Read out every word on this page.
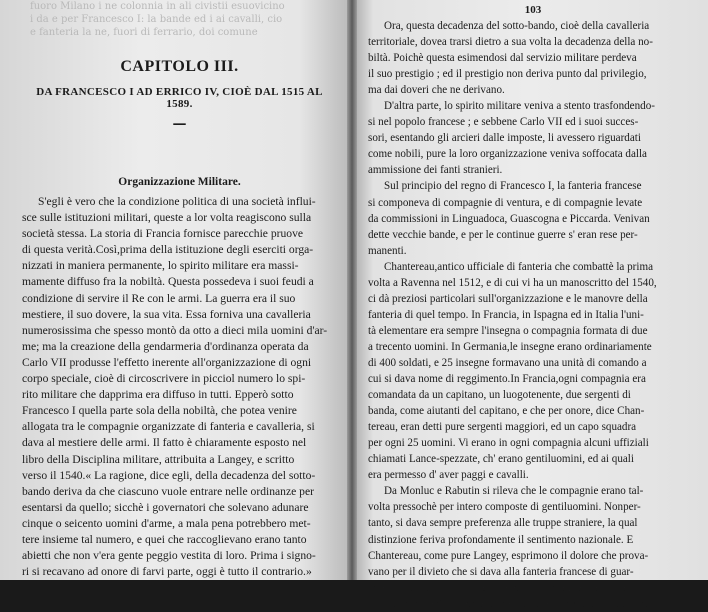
fuoro Milano i ne colonnia in ali civistii esuovicino
i da e per Francesco I: la bande ed i ai cavalli, cio
e fanteria la ne, fuori di ferrario, doi comune
CAPITOLO III.
DA FRANCESCO I AD ERRICO IV, CIOÈ DAL 1515 AL 1589.
—
Organizzazione Militare.
S'egli è vero che la condizione politica di una società influi-
sce sulle istituzioni militari, queste a lor volta reagiscono sulla
società stessa. La storia di Francia fornisce parecchie pruove
di questa verità.Così,prima della istituzione degli eserciti orga-
nizzati in maniera permanente, lo spirito militare era massi-
mamente diffuso fra la nobiltà. Questa possedeva i suoi feudi a
condizione di servire il Re con le armi. La guerra era il suo
mestiere, il suo dovere, la sua vita. Essa forniva una cavalleria
numerosissima che spesso montò da otto a dieci mila uomini d'ar-
me; ma la creazione della gendarmeria d'ordinanza operata da
Carlo VII produsse l'effetto inerente all'organizzazione di ogni
corpo speciale, cioè di circoscrivere in picciol numero lo spi-
rito militare che dapprima era diffuso in tutti. Epperò sotto
Francesco I quella parte sola della nobiltà, che potea venire
allogata tra le compagnie organizzate di fanteria e cavalleria, si
dava al mestiere delle armi. Il fatto è chiaramente esposto nel
libro della Disciplina militare, attribuita a Langey, e scritto
verso il 1540.« La ragione, dice egli, della decadenza del sotto-
bando deriva da che ciascuno vuole entrare nelle ordinanze per
esentarsi da quello; sicchè i governatori che solevano adunare
cinque o seicento uomini d'arme, a mala pena potrebbero met-
tere insieme tal numero, e quei che raccoglievano erano tanto
abietti che non v'era gente peggio vestita di loro. Prima i signo-
ri si recavano ad onore di farvi parte, oggi è tutto il contrario.»
103
Ora, questa decadenza del sotto-bando, cioè della cavalleria
territoriale, dovea trarsi dietro a sua volta la decadenza della no-
biltà. Poichè questa esimendosi dal servizio militare perdeva
il suo prestigio ; ed il prestigio non deriva punto dal privilegio,
ma dai doveri che ne derivano.
D'altra parte, lo spirito militare veniva a stento trasfondendo-
si nel popolo francese ; e sebbene Carlo VII ed i suoi succes-
sori, esentando gli arcieri dalle imposte, li avessero riguardati
come nobili, pure la loro organizzazione veniva soffocata dalla
ammissione dei fanti stranieri.
Sul principio del regno di Francesco I, la fanteria francese
si componeva di compagnie di ventura, e di compagnie levate
da commissioni in Linguadoca, Guascogna e Piccarda. Venivan
dette vecchie bande, e per le continue guerre s' eran rese per-
manenti.
Chantereau,antico ufficiale di fanteria che combattè la prima
volta a Ravenna nel 1512, e di cui vi ha un manoscritto del 1540,
ci dà preziosi particolari sull'organizzazione e le manovre della
fanteria di quel tempo. In Francia, in Ispagna ed in Italia l'uni-
tà elementare era sempre l'insegna o compagnia formata di due
a trecento uomini. In Germania,le insegne erano ordinariamente
di 400 soldati, e 25 insegne formavano una unità di comando a
cui si dava nome di reggimento.In Francia,ogni compagnia era
comandata da un capitano, un luogotenente, due sergenti di
banda, come aiutanti del capitano, e che per onore, dice Chan-
tereau, eran detti pure sergenti maggiori, ed un capo squadra
per ogni 25 uomini. Vi erano in ogni compagnia alcuni uffiziali
chiamati Lance-spezzate, ch' erano gentiluomini, ed ai quali
era permesso d' aver paggi e cavalli.
Da Monluc e Rabutin si rileva che le compagnie erano tal-
volta pressochè per intero composte di gentiluomini. Nonper-
tanto, si dava sempre preferenza alle truppe straniere, la qual
distinzione feriva profondamente il sentimento nazionale. E
Chantereau, come pure Langey, esprimono il dolore che prova-
vano per il divieto che si dava alla fanteria francese di guar-
dare i cannoni, il che fu sempre tenuto come grande onore.
Bisogna però confessare che i lanzi e gli svizzeri adempivano
